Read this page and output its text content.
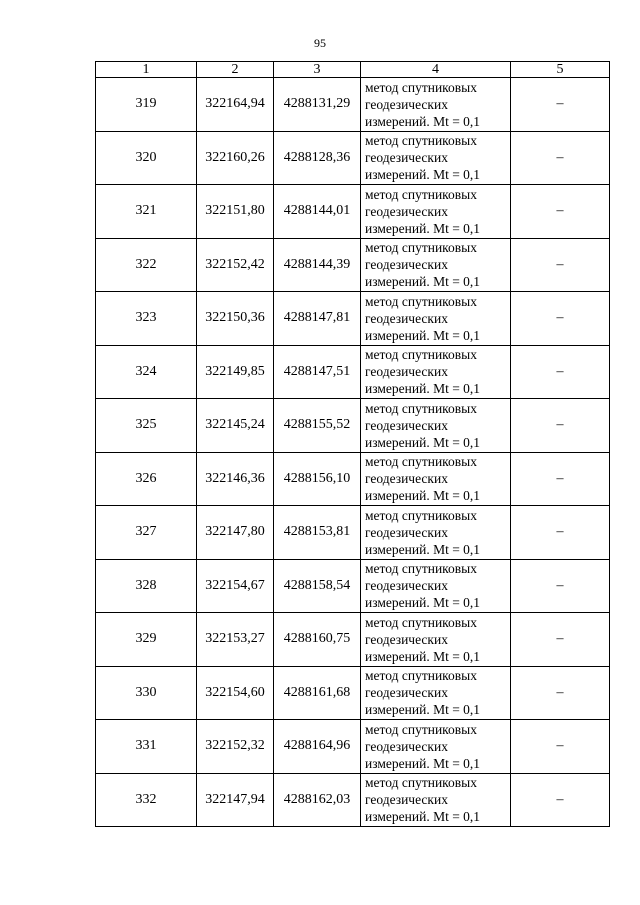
95
1	2	3	4	5
319	322164,94	4288131,29	метод спутниковых
геодезических
измерений. Mt = 0,1	–
320	322160,26	4288128,36	метод спутниковых
геодезических
измерений. Mt = 0,1	–
321	322151,80	4288144,01	метод спутниковых
геодезических
измерений. Mt = 0,1	–
322	322152,42	4288144,39	метод спутниковых
геодезических
измерений. Mt = 0,1	–
323	322150,36	4288147,81	метод спутниковых
геодезических
измерений. Mt = 0,1	–
324	322149,85	4288147,51	метод спутниковых
геодезических
измерений. Mt = 0,1	–
325	322145,24	4288155,52	метод спутниковых
геодезических
измерений. Mt = 0,1	–
326	322146,36	4288156,10	метод спутниковых
геодезических
измерений. Mt = 0,1	–
327	322147,80	4288153,81	метод спутниковых
геодезических
измерений. Mt = 0,1	–
328	322154,67	4288158,54	метод спутниковых
геодезических
измерений. Mt = 0,1	–
329	322153,27	4288160,75	метод спутниковых
геодезических
измерений. Mt = 0,1	–
330	322154,60	4288161,68	метод спутниковых
геодезических
измерений. Mt = 0,1	–
331	322152,32	4288164,96	метод спутниковых
геодезических
измерений. Mt = 0,1	–
332	322147,94	4288162,03	метод спутниковых
геодезических
измерений. Mt = 0,1	–
